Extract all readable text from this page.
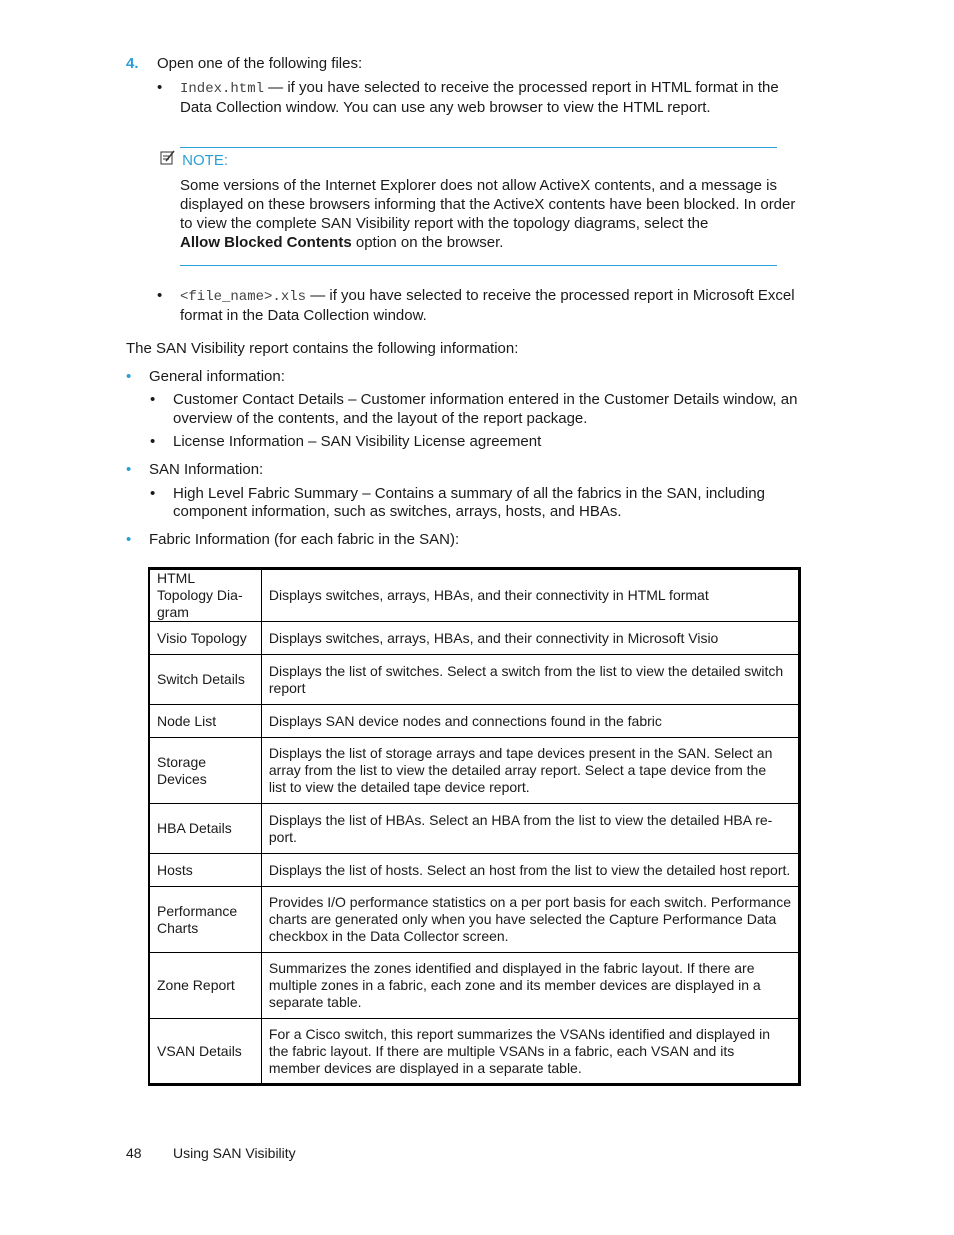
4. Open one of the following files:
• Index.html — if you have selected to receive the processed report in HTML format in the
Data Collection window. You can use any web browser to view the HTML report.
NOTE:
Some versions of the Internet Explorer does not allow ActiveX contents, and a message is
displayed on these browsers informing that the ActiveX contents have been blocked. In order
to view the complete SAN Visibility report with the topology diagrams, select the
Allow Blocked Contents option on the browser.
• <file_name>.xls — if you have selected to receive the processed report in Microsoft Excel
format in the Data Collection window.
The SAN Visibility report contains the following information:
• General information:
• Customer Contact Details – Customer information entered in the Customer Details window, an
overview of the contents, and the layout of the report package.
• License Information – SAN Visibility License agreement
• SAN Information:
• High Level Fabric Summary – Contains a summary of all the fabrics in the SAN, including
component information, such as switches, arrays, hosts, and HBAs.
• Fabric Information (for each fabric in the SAN):
HTML Topology Dia-
gram	Displays switches, arrays, HBAs, and their connectivity in HTML format

Visio Topology	Displays switches, arrays, HBAs, and their connectivity in Microsoft Visio

Switch Details	Displays the list of switches. Select a switch from the list to view the detailed switch
report

Node List	Displays SAN device nodes and connections found in the fabric

Storage Devices	Displays the list of storage arrays and tape devices present in the SAN. Select an
array from the list to view the detailed array report. Select a tape device from the
list to view the detailed tape device report.

HBA Details	Displays the list of HBAs. Select an HBA from the list to view the detailed HBA re-
port.

Hosts	Displays the list of hosts. Select an host from the list to view the detailed host report.

Performance Charts	Provides I/O performance statistics on a per port basis for each switch. Performance
charts are generated only when you have selected the Capture Performance Data
checkbox in the Data Collector screen.

Zone Report	Summarizes the zones identified and displayed in the fabric layout. If there are
multiple zones in a fabric, each zone and its member devices are displayed in a
separate table.

VSAN Details	For a Cisco switch, this report summarizes the VSANs identified and displayed in
the fabric layout. If there are multiple VSANs in a fabric, each VSAN and its
member devices are displayed in a separate table.
48 Using SAN Visibility
